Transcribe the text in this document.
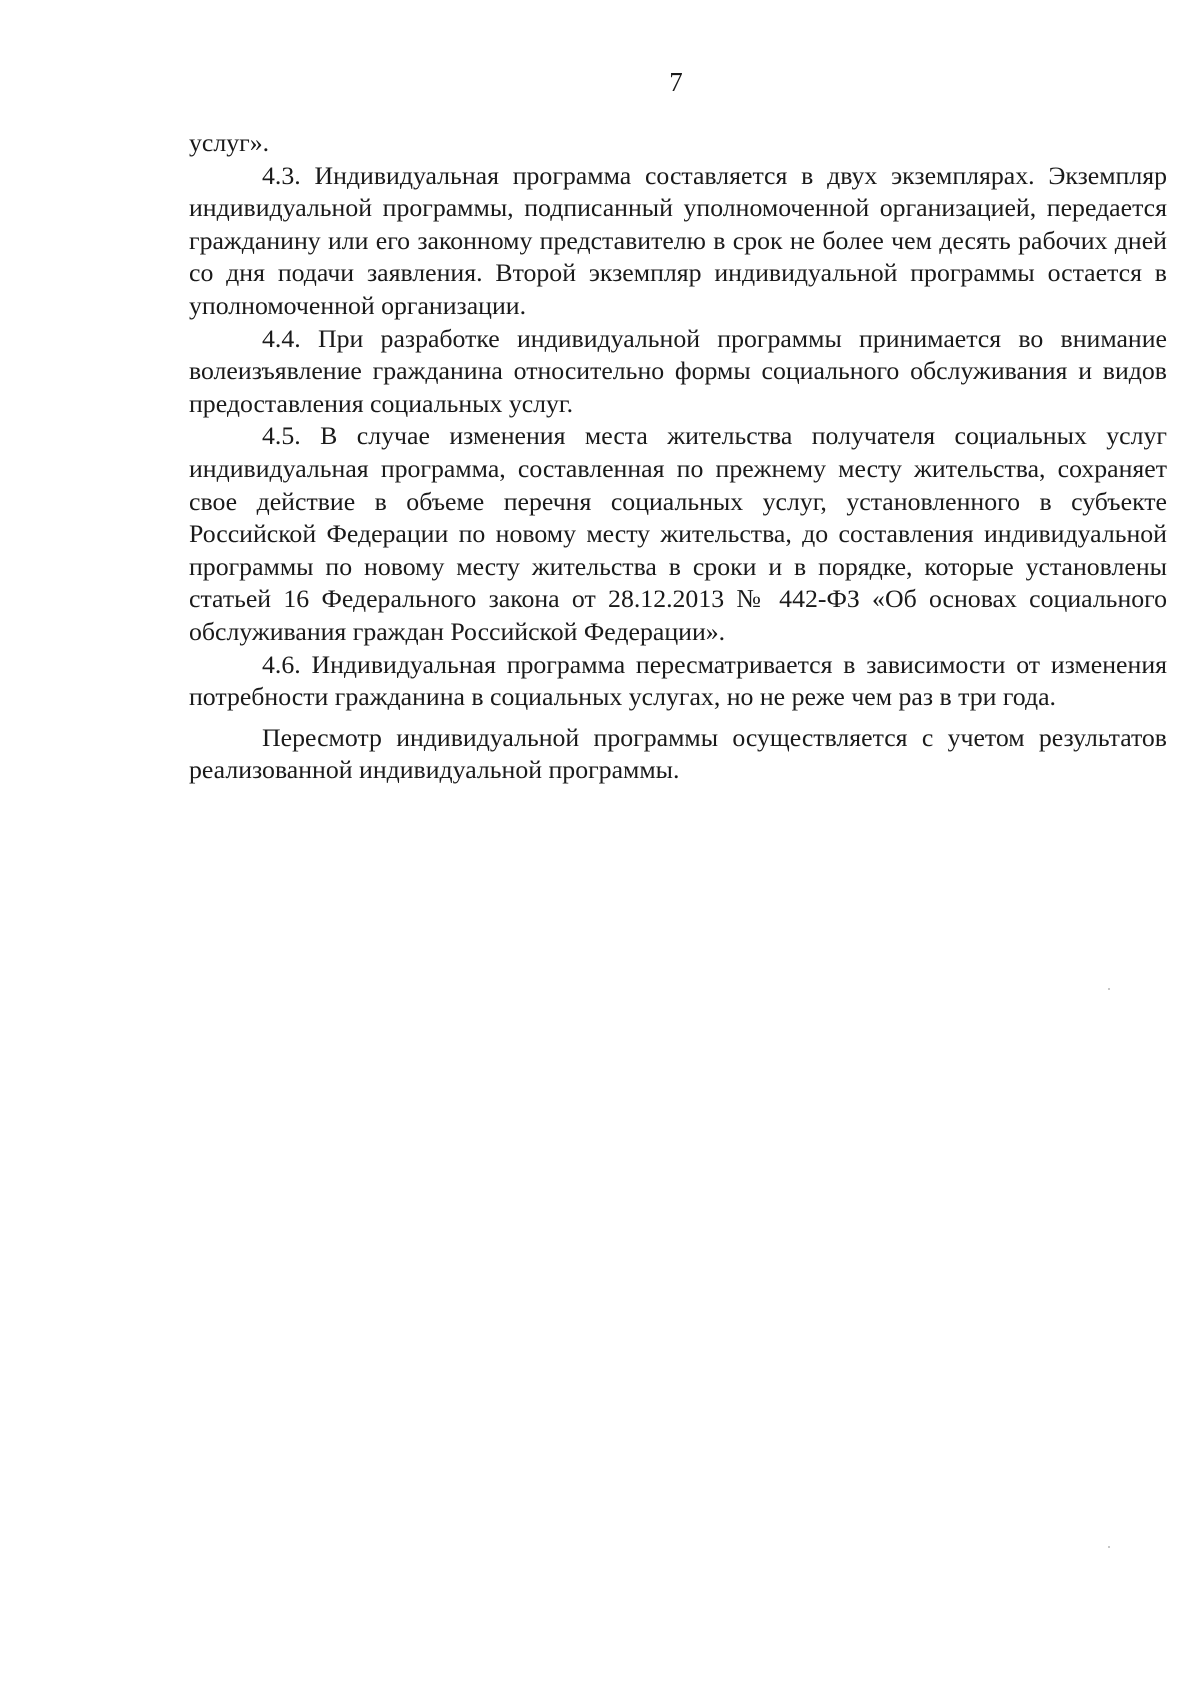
7

услуг».

4.3. Индивидуальная программа составляется в двух экземплярах. Экземпляр индивидуальной программы, подписанный уполномоченной организацией, передается гражданину или его законному представителю в срок не более чем десять рабочих дней со дня подачи заявления. Второй экземпляр индивидуальной программы остается в уполномоченной организации.

4.4. При разработке индивидуальной программы принимается во внимание волеизъявление гражданина относительно формы социального обслуживания и видов предоставления социальных услуг.

4.5. В случае изменения места жительства получателя социальных услуг индивидуальная программа, составленная по прежнему месту жительства, сохраняет свое действие в объеме перечня социальных услуг, установленного в субъекте Российской Федерации по новому месту жительства, до составления индивидуальной программы по новому месту жительства в сроки и в порядке, которые установлены статьей 16 Федерального закона от 28.12.2013 № 442-ФЗ «Об основах социального обслуживания граждан Российской Федерации».

4.6. Индивидуальная программа пересматривается в зависимости от изменения потребности гражданина в социальных услугах, но не реже чем раз в три года.

Пересмотр индивидуальной программы осуществляется с учетом результатов реализованной индивидуальной программы.
